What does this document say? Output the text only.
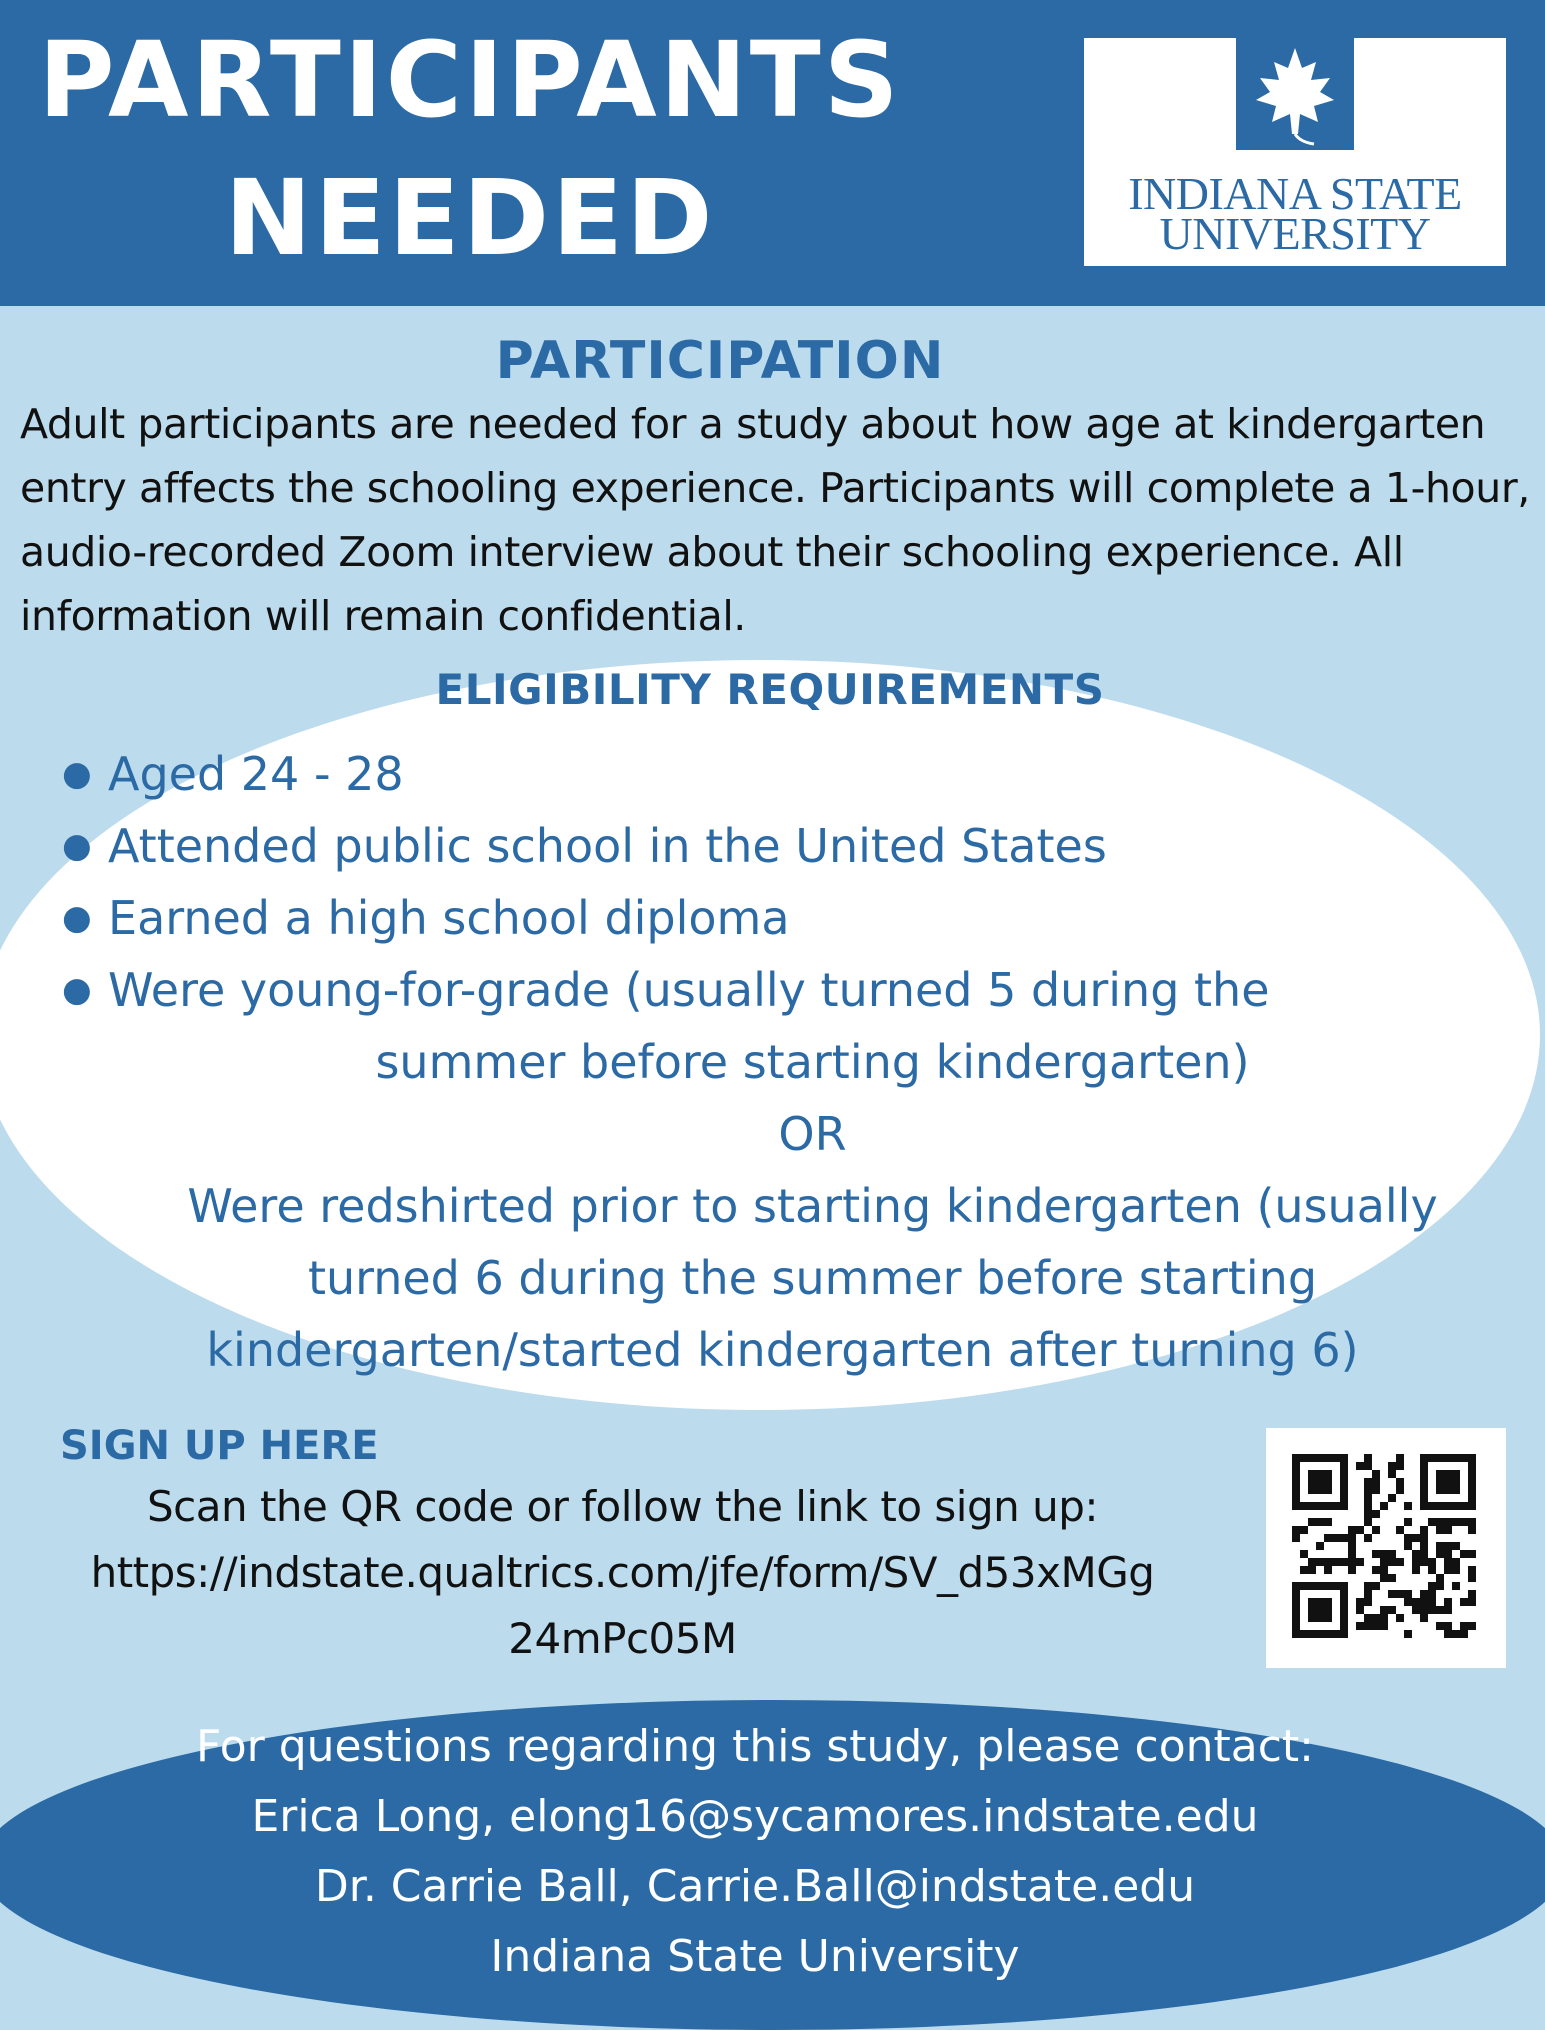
PARTICIPANTS
NEEDED	INDIANA STATE
UNIVERSITY
PARTICIPATION
Adult participants are needed for a study about how age at kindergarten entry affects the schooling experience. Participants will complete a 1-hour, audio-recorded Zoom interview about their schooling experience. All information will remain confidential.
ELIGIBILITY REQUIREMENTS
● Aged 24 - 28
● Attended public school in the United States
● Earned a high school diploma
● Were young-for-grade (usually turned 5 during the
summer before starting kindergarten)
OR
Were redshirted prior to starting kindergarten (usually
turned 6 during the summer before starting
kindergarten/started kindergarten after turning 6)
SIGN UP HERE
Scan the QR code or follow the link to sign up:
https://indstate.qualtrics.com/jfe/form/SV_d53xMGg
24mPc05M
For questions regarding this study, please contact:
Erica Long, elong16@sycamores.indstate.edu
Dr. Carrie Ball, Carrie.Ball@indstate.edu
Indiana State University
